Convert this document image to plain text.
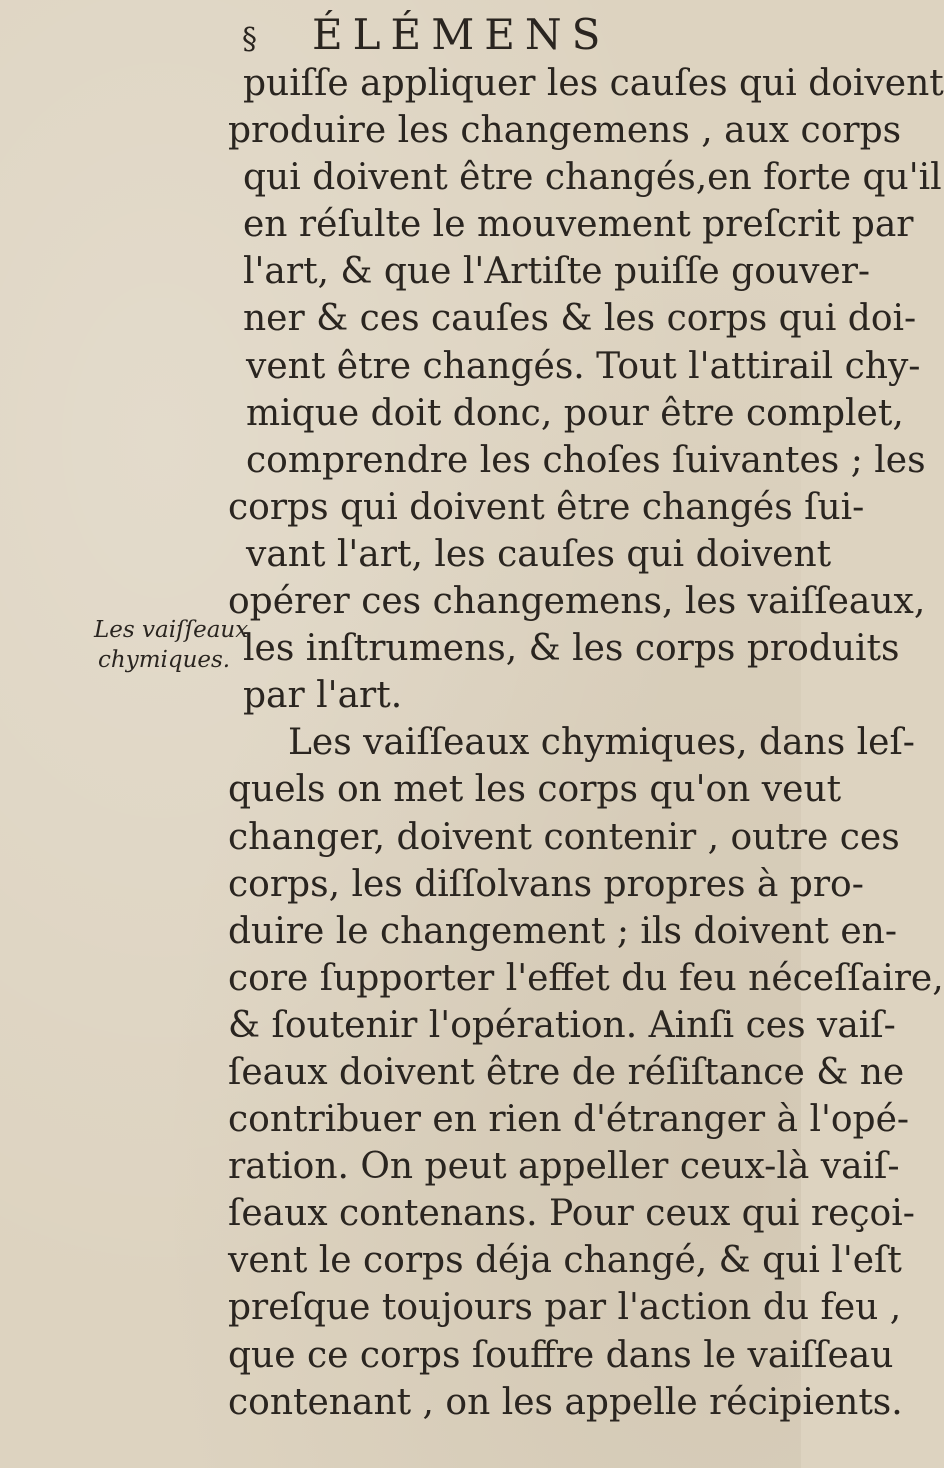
§ ÉLÉMENS
Les vaiſſeaux
chymiques.
puiſſe appliquer les cauſes qui doivent
produire les changemens , aux corps
qui doivent être changés,en forte qu'il
en réſulte le mouvement preſcrit par
l'art, & que l'Artiſte puiſſe gouver-
ner & ces cauſes & les corps qui doi-
vent être changés. Tout l'attirail chy-
mique doit donc, pour être complet,
comprendre les choſes ſuivantes ; les
corps qui doivent être changés ſui-
vant l'art, les cauſes qui doivent
opérer ces changemens, les vaiſſeaux,
les inſtrumens, & les corps produits
par l'art.
Les vaiſſeaux chymiques, dans leſ-
quels on met les corps qu'on veut
changer, doivent contenir , outre ces
corps, les diſſolvans propres à pro-
duire le changement ; ils doivent en-
core ſupporter l'effet du feu néceſſaire,
& ſoutenir l'opération. Ainſi ces vaiſ-
ſeaux doivent être de réſiſtance & ne
contribuer en rien d'étranger à l'opé-
ration. On peut appeller ceux-là vaiſ-
ſeaux contenans. Pour ceux qui reçoi-
vent le corps déja changé, & qui l'eſt
preſque toujours par l'action du feu ,
que ce corps ſouffre dans le vaiſſeau
contenant , on les appelle récipients.
